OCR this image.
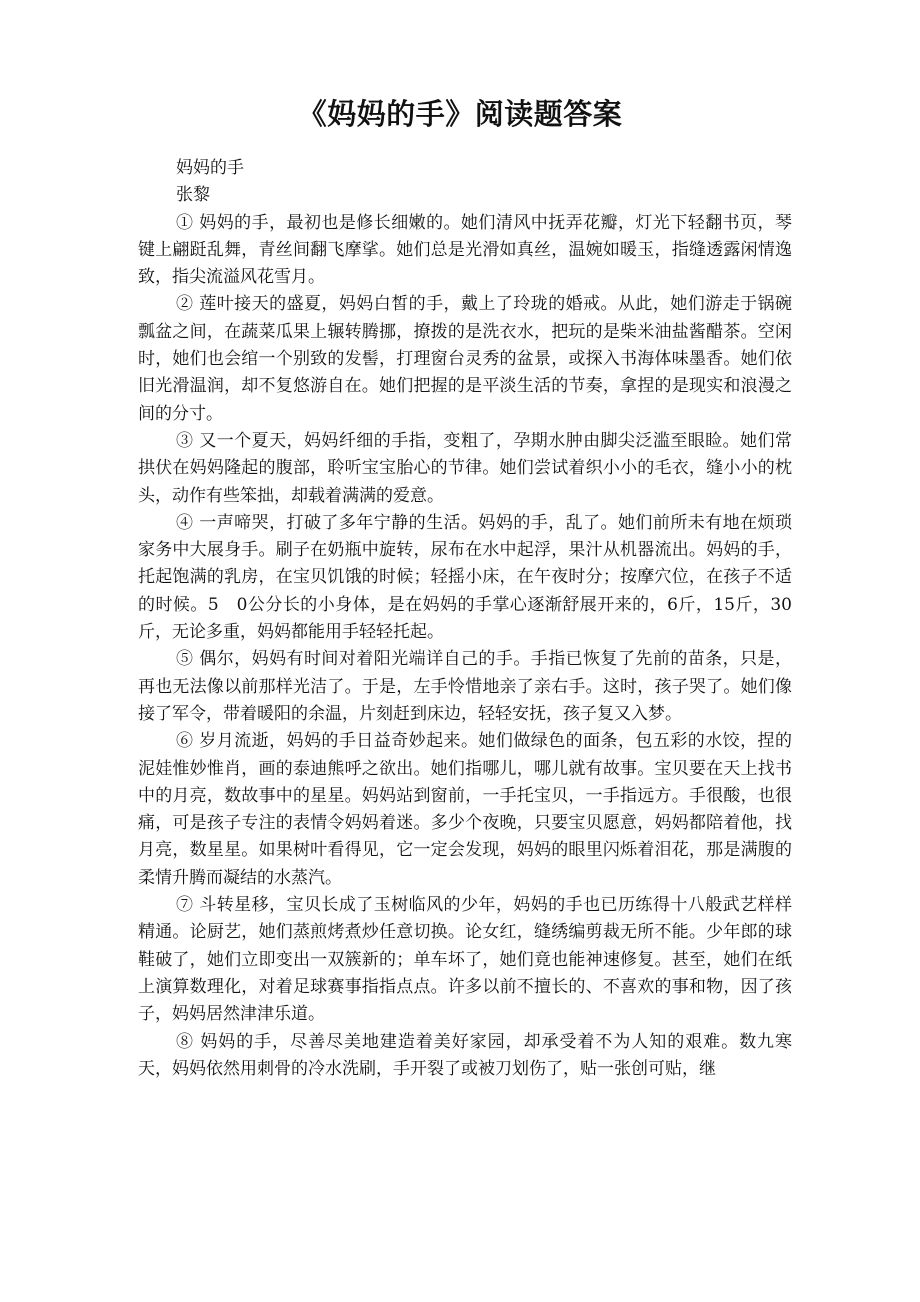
《妈妈的手》阅读题答案

妈妈的手

张黎

① 妈妈的手，最初也是修长细嫩的。她们清风中抚弄花瓣，灯光下轻翻书页，琴键上翩跹乱舞，青丝间翻飞摩挲。她们总是光滑如真丝，温婉如暖玉，指缝透露闲情逸致，指尖流溢风花雪月。

② 莲叶接天的盛夏，妈妈白皙的手，戴上了玲珑的婚戒。从此，她们游走于锅碗瓢盆之间，在蔬菜瓜果上辗转腾挪，撩拨的是洗衣水，把玩的是柴米油盐酱醋茶。空闲时，她们也会绾一个别致的发髻，打理窗台灵秀的盆景，或探入书海体味墨香。她们依旧光滑温润，却不复悠游自在。她们把握的是平淡生活的节奏，拿捏的是现实和浪漫之间的分寸。

③ 又一个夏天，妈妈纤细的手指，变粗了，孕期水肿由脚尖泛滥至眼睑。她们常拱伏在妈妈隆起的腹部，聆听宝宝胎心的节律。她们尝试着织小小的毛衣，缝小小的枕头，动作有些笨拙，却载着满满的爱意。

④ 一声啼哭，打破了多年宁静的生活。妈妈的手，乱了。她们前所未有地在烦琐家务中大展身手。刷子在奶瓶中旋转，尿布在水中起浮，果汁从机器流出。妈妈的手，托起饱满的乳房，在宝贝饥饿的时候；轻摇小床，在午夜时分；按摩穴位，在孩子不适的时候。5　0公分长的小身体，是在妈妈的手掌心逐渐舒展开来的，6斤，15斤，30斤，无论多重，妈妈都能用手轻轻托起。

⑤ 偶尔，妈妈有时间对着阳光端详自己的手。手指已恢复了先前的苗条，只是，再也无法像以前那样光洁了。于是，左手怜惜地亲了亲右手。这时，孩子哭了。她们像接了军令，带着暖阳的余温，片刻赶到床边，轻轻安抚，孩子复又入梦。

⑥ 岁月流逝，妈妈的手日益奇妙起来。她们做绿色的面条，包五彩的水饺，捏的泥娃惟妙惟肖，画的泰迪熊呼之欲出。她们指哪儿，哪儿就有故事。宝贝要在天上找书中的月亮，数故事中的星星。妈妈站到窗前，一手托宝贝，一手指远方。手很酸，也很痛，可是孩子专注的表情令妈妈着迷。多少个夜晚，只要宝贝愿意，妈妈都陪着他，找月亮，数星星。如果树叶看得见，它一定会发现，妈妈的眼里闪烁着泪花，那是满腹的柔情升腾而凝结的水蒸汽。

⑦ 斗转星移，宝贝长成了玉树临风的少年，妈妈的手也已历练得十八般武艺样样精通。论厨艺，她们蒸煎烤煮炒任意切换。论女红，缝绣编剪裁无所不能。少年郎的球鞋破了，她们立即变出一双簇新的；单车坏了，她们竟也能神速修复。甚至，她们在纸上演算数理化，对着足球赛事指指点点。许多以前不擅长的、不喜欢的事和物，因了孩子，妈妈居然津津乐道。

⑧ 妈妈的手，尽善尽美地建造着美好家园，却承受着不为人知的艰难。数九寒天，妈妈依然用刺骨的冷水洗刷，手开裂了或被刀划伤了，贴一张创可贴，继
